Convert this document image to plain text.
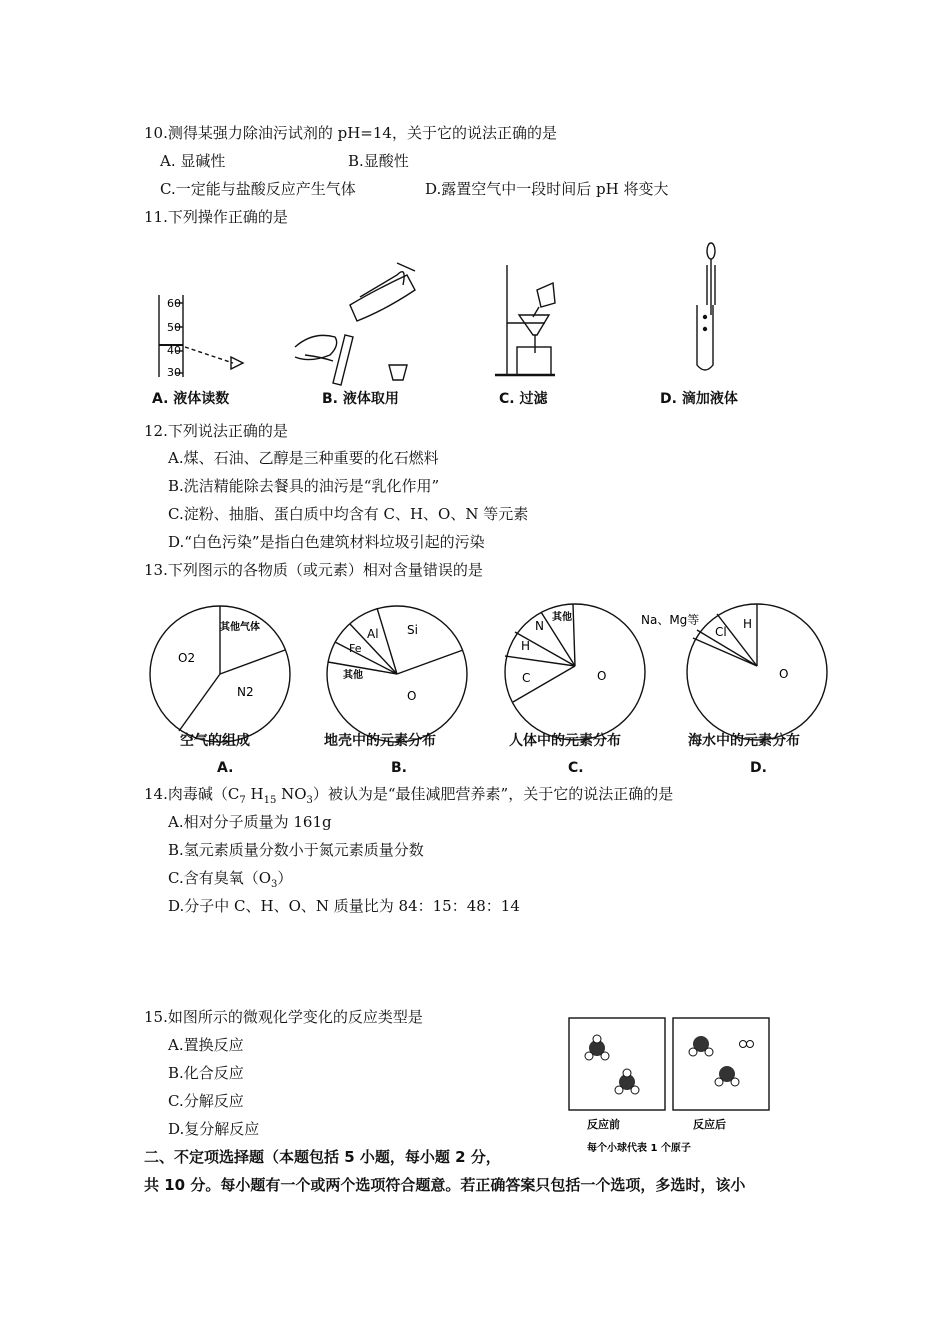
10.测得某强力除油污试剂的 pH=14，关于它的说法正确的是
A. 显碱性	B.显酸性
C.一定能与盐酸反应产生气体	D.露置空气中一段时间后 pH 将变大
11.下列操作正确的是
60
50
40
30
A. 液体读数	B. 液体取用	C. 过滤	D. 滴加液体
12.下列说法正确的是
A.煤、石油、乙醇是三种重要的化石燃料
B.洗洁精能除去餐具的油污是“乳化作用”
C.淀粉、抽脂、蛋白质中均含有 C、H、O、N 等元素
D.“白色污染”是指白色建筑材料垃圾引起的污染
13.下列图示的各物质（或元素）相对含量错误的是
其他气体
O2
N2
Al Si
Fe
其他
O
其他
N
H
C	O
Na、Mg等
Cl
H
O
空气的组成	地壳中的元素分布	人体中的元素分布	海水中的元素分布
A.	B.	C.	D.
14.肉毒碱（$C_7$ $H_{15}$ $NO_3$）被认为是“最佳减肥营养素”，关于它的说法正确的是
A.相对分子质量为 161g
B.氢元素质量分数小于氮元素质量分数
C.含有臭氧$(O_3)$
D.分子中 C、H、O、N 质量比为 84：15：48：14
15.如图所示的微观化学变化的反应类型是
A.置换反应
B.化合反应
C.分解反应
D.复分解反应	反应前	反应后
每个小球代表 1 个原子
二、不定项选择题（本题包括 5 小题，每小题 2 分，
共 10 分。每小题有一个或两个选项符合题意。若正确答案只包括一个选项，多选时，该小
